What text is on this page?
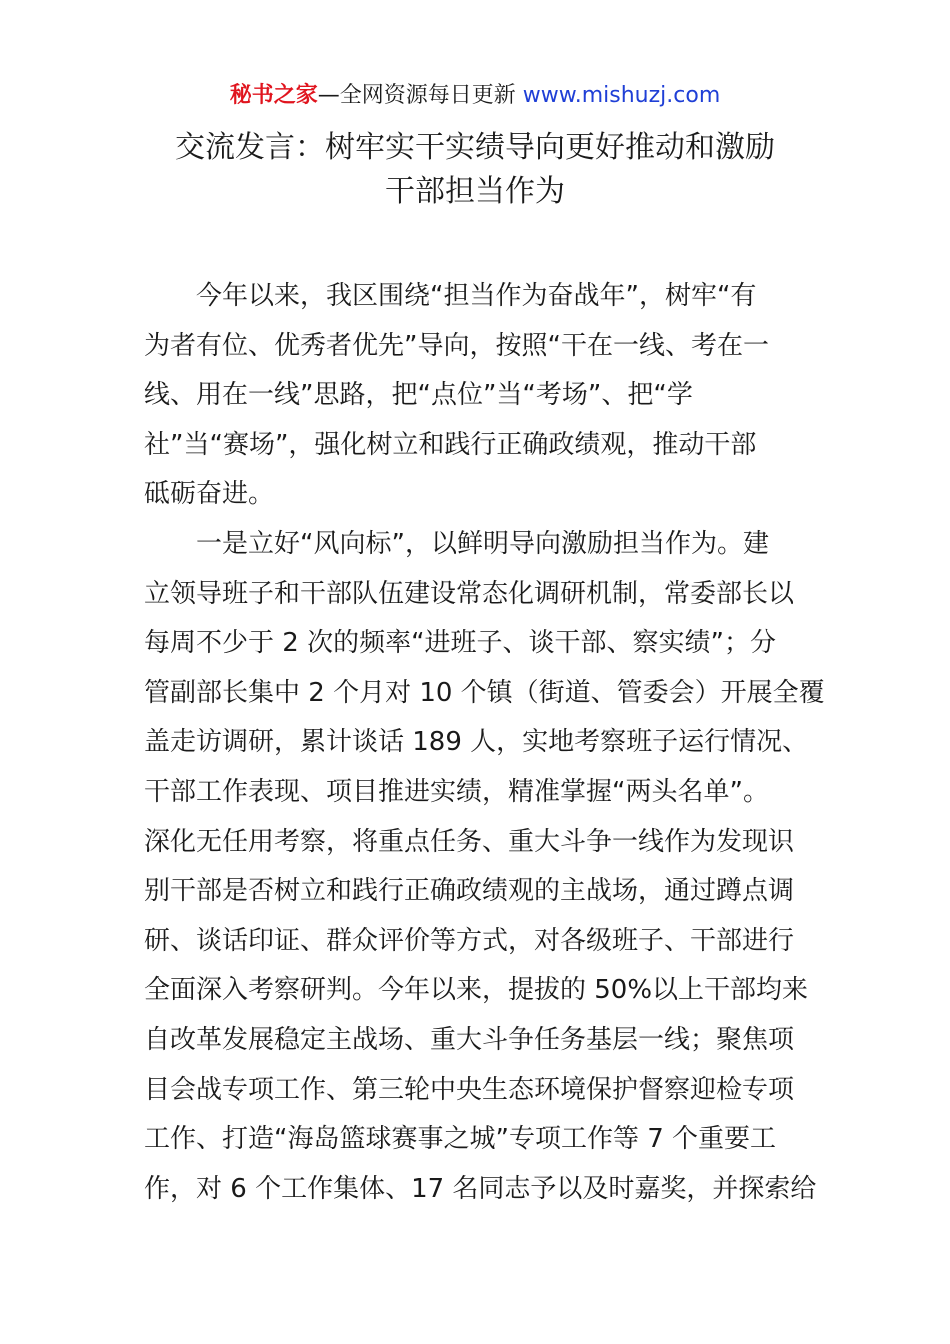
秘书之家—全网资源每日更新 www.mishuzj.com
交流发言：树牢实干实绩导向更好推动和激励
干部担当作为

今年以来，我区围绕“担当作为奋战年”，树牢“有

为者有位、优秀者优先”导向，按照“干在一线、考在一

线、用在一线”思路，把“点位”当“考场”、把“学

社”当“赛场”，强化树立和践行正确政绩观，推动干部

砥砺奋进。

一是立好“风向标”，以鲜明导向激励担当作为。建

立领导班子和干部队伍建设常态化调研机制，常委部长以

每周不少于 2 次的频率“进班子、谈干部、察实绩”；分

管副部长集中 2 个月对 10 个镇（街道、管委会）开展全覆

盖走访调研，累计谈话 189 人，实地考察班子运行情况、

干部工作表现、项目推进实绩，精准掌握“两头名单”。

深化无任用考察，将重点任务、重大斗争一线作为发现识

别干部是否树立和践行正确政绩观的主战场，通过蹲点调

研、谈话印证、群众评价等方式，对各级班子、干部进行

全面深入考察研判。今年以来，提拔的 50%以上干部均来

自改革发展稳定主战场、重大斗争任务基层一线；聚焦项

目会战专项工作、第三轮中央生态环境保护督察迎检专项

工作、打造“海岛篮球赛事之城”专项工作等 7 个重要工

作，对 6 个工作集体、17 名同志予以及时嘉奖，并探索给
